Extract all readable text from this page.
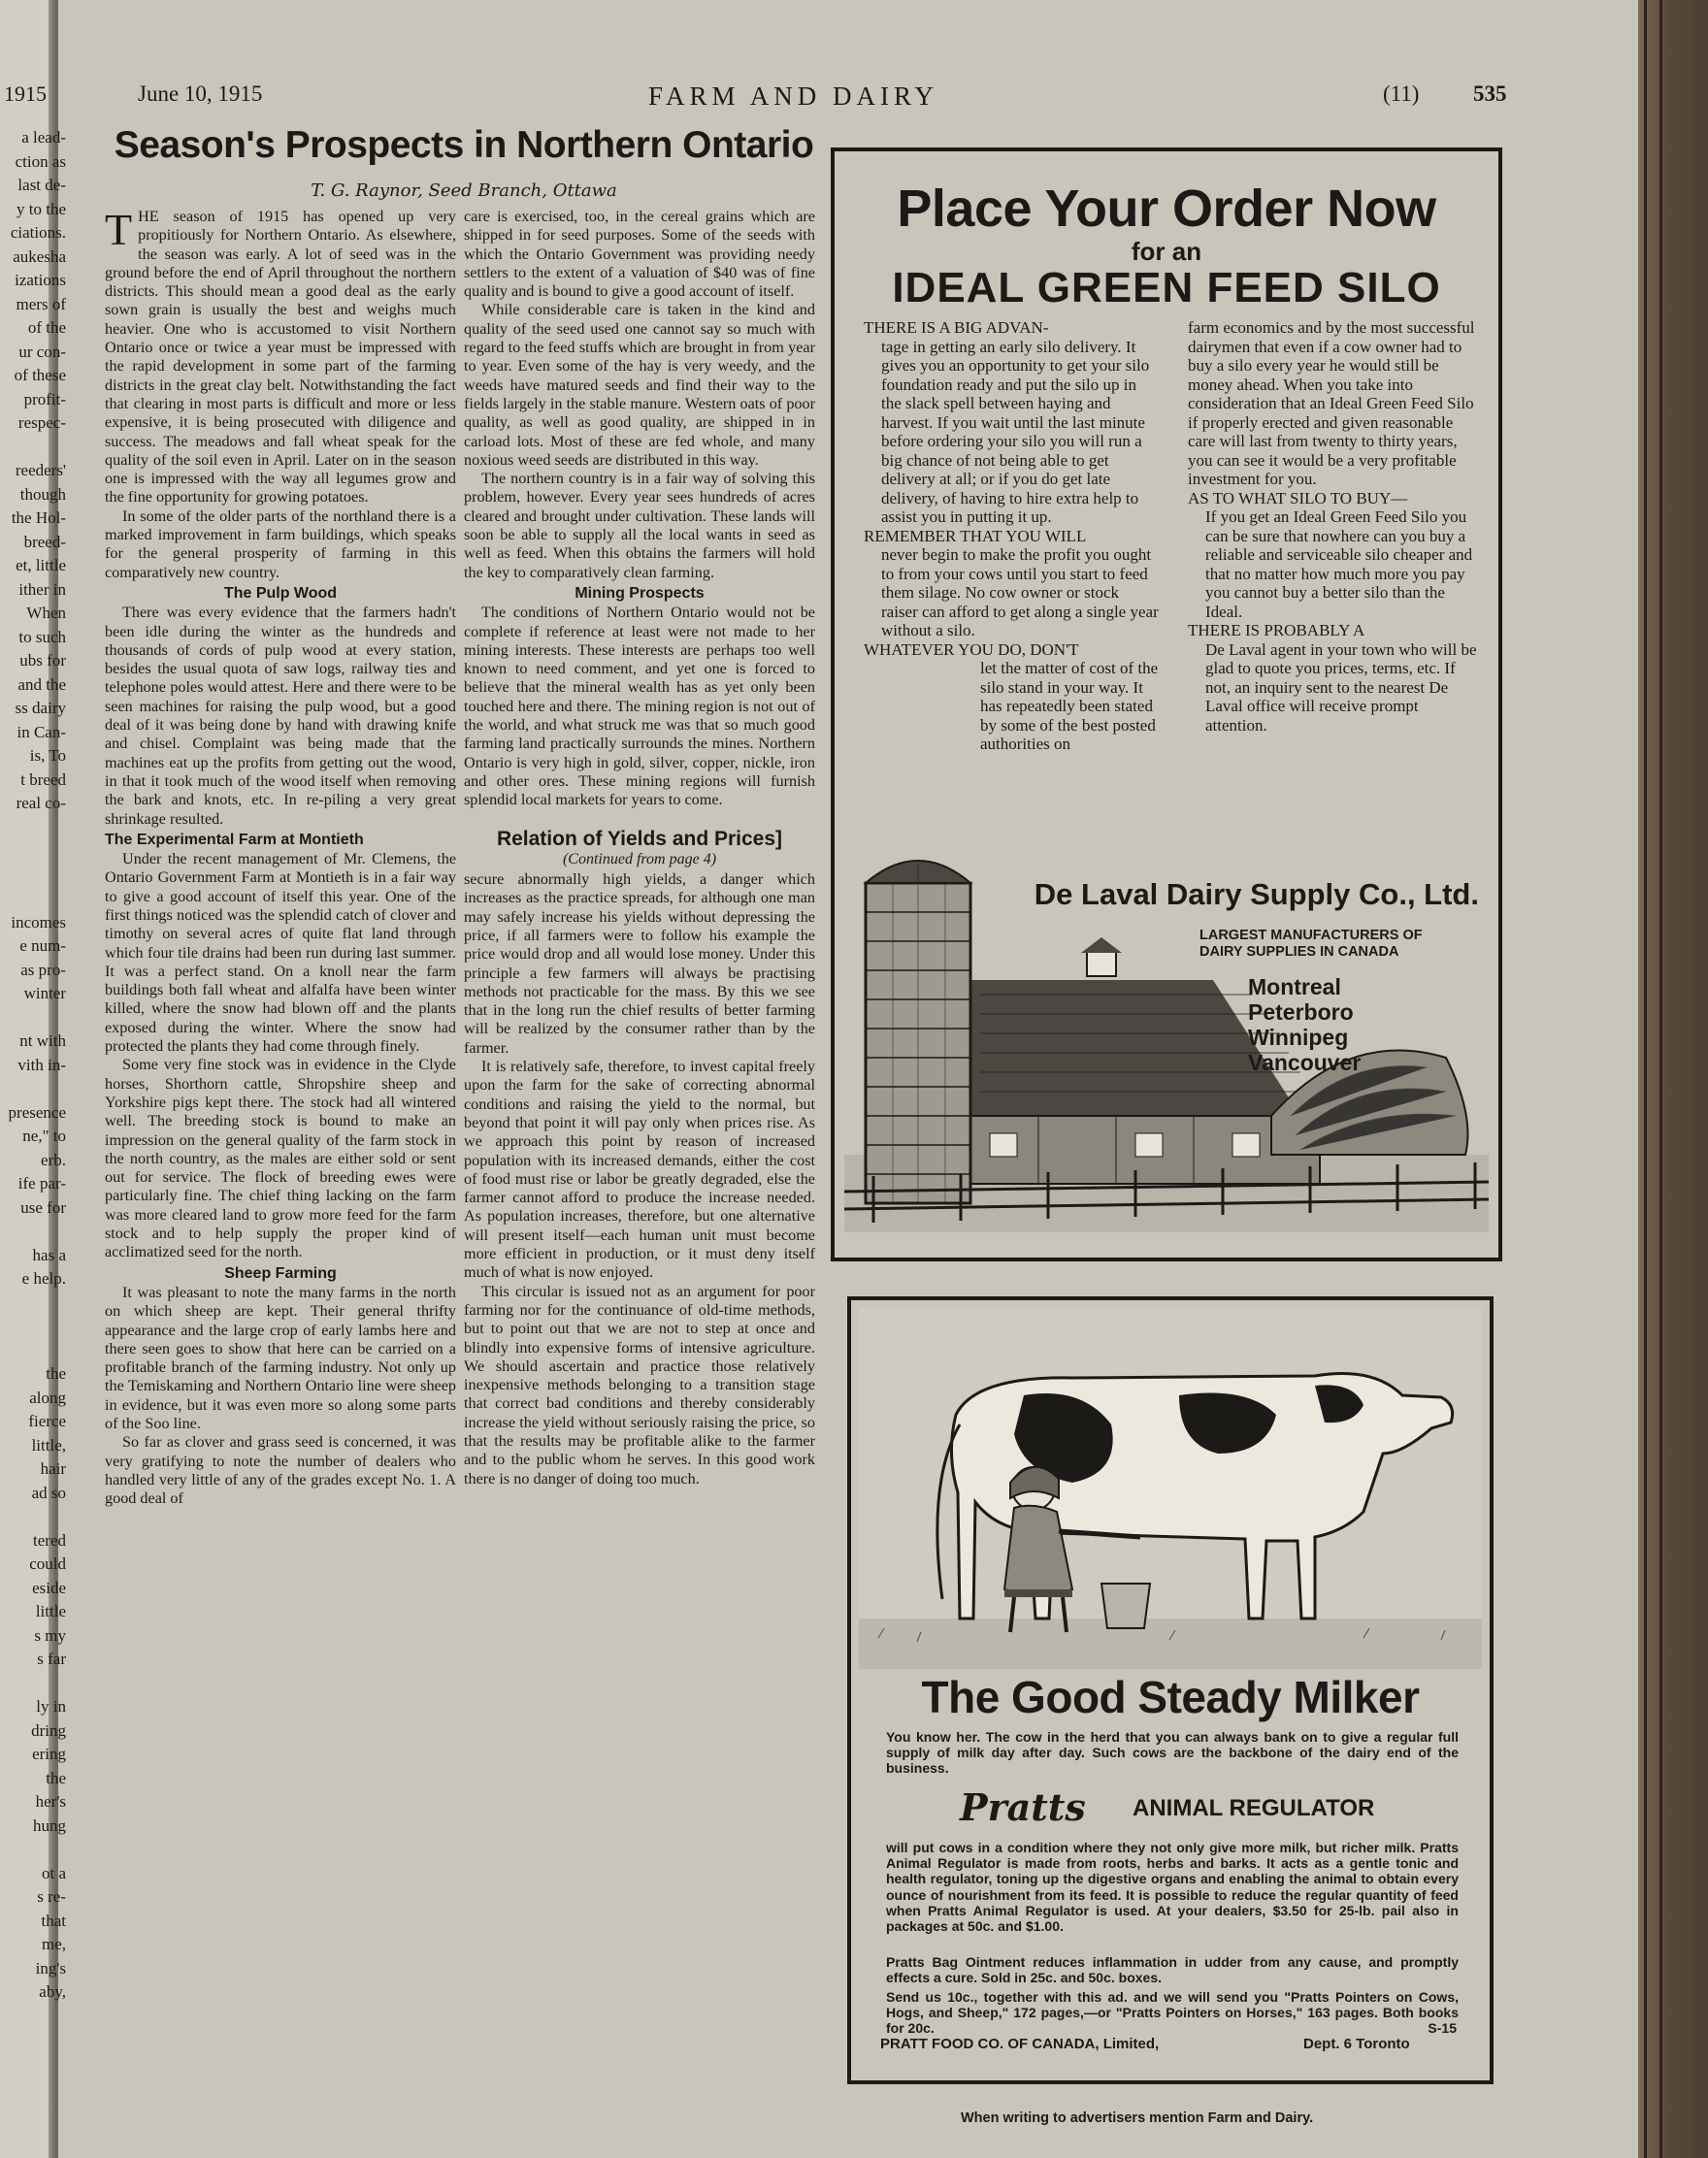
1915
a lead-
ction as
last de-
y to the
ciations.
aukesha
izations
mers of
of the
ur con-
of these
profit-
respec-
reeders'
though
the Hol-
breed-
et, little
ither in
When
to such
ubs for
and the
ss dairy
in Can-
is, To
t breed
real co-
incomes
e num-
as pro-
winter
nt with
vith in-
presence
ne," to
erb.
ife par-
use for
has a
e help.
the
along
fierce
little,
hair
ad so
tered
could
eside
little
s my
s far
ly in
dring
ering
the
her's
hung
ot a
s re-
that
me,
ing's
aby,
June 10, 1915	FARM AND DAIRY	(11) 535
Season's Prospects in Northern Ontario
T. G. Raynor, Seed Branch, Ottawa

THE season of 1915 has opened up very propitiously for Northern Ontario. As elsewhere, the season was early. A lot of seed was in the ground before the end of April throughout the northern districts. This should mean a good deal as the early sown grain is usually the best and weighs much heavier. One who is accustomed to visit Northern Ontario once or twice a year must be impressed with the rapid development in some part of the farming districts in the great clay belt. Notwithstanding the fact that clearing in most parts is difficult and more or less expensive, it is being prosecuted with diligence and success. The meadows and fall wheat speak for the quality of the soil even in April. Later on in the season one is impressed with the way all legumes grow and the fine opportunity for growing potatoes.

In some of the older parts of the northland there is a marked improvement in farm buildings, which speaks for the general prosperity of farming in this comparatively new country.

The Pulp Wood

There was every evidence that the farmers hadn't been idle during the winter as the hundreds and thousands of cords of pulp wood at every station, besides the usual quota of saw logs, railway ties and telephone poles would attest. Here and there were to be seen machines for raising the pulp wood, but a good deal of it was being done by hand with drawing knife and chisel. Complaint was being made that the machines eat up the profits from getting out the wood, in that it took much of the wood itself when removing the bark and knots, etc. In re-piling a very great shrinkage resulted.

The Experimental Farm at Montieth

Under the recent management of Mr. Clemens, the Ontario Government Farm at Montieth is in a fair way to give a good account of itself this year. One of the first things noticed was the splendid catch of clover and timothy on several acres of quite flat land through which four tile drains had been run during last summer. It was a perfect stand. On a knoll near the farm buildings both fall wheat and alfalfa have been winter killed, where the snow had blown off and the plants exposed during the winter. Where the snow had protected the plants they had come through finely.

Some very fine stock was in evidence in the Clyde horses, Shorthorn cattle, Shropshire sheep and Yorkshire pigs kept there. The stock had all wintered well. The breeding stock is bound to make an impression on the general quality of the farm stock in the north country, as the males are either sold or sent out for service. The flock of breeding ewes were particularly fine. The chief thing lacking on the farm was more cleared land to grow more feed for the farm stock and to help supply the proper kind of acclimatized seed for the north.

Sheep Farming

It was pleasant to note the many farms in the north on which sheep are kept. Their general thrifty appearance and the large crop of early lambs here and there seen goes to show that here can be carried on a profitable branch of the farming industry. Not only up the Temiskaming and Northern Ontario line were sheep in evidence, but it was even more so along some parts of the Soo line.

So far as clover and grass seed is concerned, it was very gratifying to note the number of dealers who handled very little of any of the grades except No. 1. A good deal of

care is exercised, too, in the cereal grains which are shipped in for seed purposes. Some of the seeds with which the Ontario Government was providing needy settlers to the extent of a valuation of $40 was of fine quality and is bound to give a good account of itself.

While considerable care is taken in the kind and quality of the seed used one cannot say so much with regard to the feed stuffs which are brought in from year to year. Even some of the hay is very weedy, and the weeds have matured seeds and find their way to the fields largely in the stable manure. Western oats of poor quality, as well as good quality, are shipped in in carload lots. Most of these are fed whole, and many noxious weed seeds are distributed in this way.

The northern country is in a fair way of solving this problem, however. Every year sees hundreds of acres cleared and brought under cultivation. These lands will soon be able to supply all the local wants in seed as well as feed. When this obtains the farmers will hold the key to comparatively clean farming.

Mining Prospects

The conditions of Northern Ontario would not be complete if reference at least were not made to her mining interests. These interests are perhaps too well known to need comment, and yet one is forced to believe that the mineral wealth has as yet only been touched here and there. The mining region is not out of the world, and what struck me was that so much good farming land practically surrounds the mines. Northern Ontario is very high in gold, silver, copper, nickle, iron and other ores. These mining regions will furnish splendid local markets for years to come.

Relation of Yields and Prices]
(Continued from page 4)

secure abnormally high yields, a danger which increases as the practice spreads, for although one man may safely increase his yields without depressing the price, if all farmers were to follow his example the price would drop and all would lose money. Under this principle a few farmers will always be practising methods not practicable for the mass. By this we see that in the long run the chief results of better farming will be realized by the consumer rather than by the farmer.

It is relatively safe, therefore, to invest capital freely upon the farm for the sake of correcting abnormal conditions and raising the yield to the normal, but beyond that point it will pay only when prices rise. As we approach this point by reason of increased population with its increased demands, either the cost of food must rise or labor be greatly degraded, else the farmer cannot afford to produce the increase needed. As population increases, therefore, but one alternative will present itself—each human unit must become more efficient in production, or it must deny itself much of what is now enjoyed.

This circular is issued not as an argument for poor farming nor for the continuance of old-time methods, but to point out that we are not to step at once and blindly into expensive forms of intensive agriculture. We should ascertain and practice those relatively inexpensive methods belonging to a transition stage that correct bad conditions and thereby considerably increase the yield without seriously raising the price, so that the results may be profitable alike to the farmer and to the public whom he serves. In this good work there is no danger of doing too much.

Place Your Order Now
for an
IDEAL GREEN FEED SILO
THERE IS A BIG ADVAN-
tage in getting an early silo delivery. It gives you an opportunity to get your silo foundation ready and put the silo up in the slack spell between haying and harvest. If you wait until the last minute before ordering your silo you will run a big chance of not being able to get delivery at all; or if you do get late delivery, of having to hire extra help to assist you in putting it up.
REMEMBER THAT YOU WILL
never begin to make the profit you ought to from your cows until you start to feed them silage. No cow owner or stock raiser can afford to get along a single year without a silo.
WHATEVER YOU DO, DON'T
let the matter of cost of the silo stand in your way. It has repeatedly been stated by some of the best posted authorities on
farm economics and by the most successful dairymen that even if a cow owner had to buy a silo every year he would still be money ahead. When you take into consideration that an Ideal Green Feed Silo if properly erected and given reasonable care will last from twenty to thirty years, you can see it would be a very profitable investment for you.
AS TO WHAT SILO TO BUY—
If you get an Ideal Green Feed Silo you can be sure that nowhere can you buy a reliable and serviceable silo cheaper and that no matter how much more you pay you cannot buy a better silo than the Ideal.
THERE IS PROBABLY A
De Laval agent in your town who will be glad to quote you prices, terms, etc. If not, an inquiry sent to the nearest De Laval office will receive prompt attention.
De Laval Dairy Supply Co., Ltd.
LARGEST MANUFACTURERS OF DAIRY SUPPLIES IN CANADA
MontrealPeterboro
WinnipegVancouver
The Good Steady Milker
You know her. The cow in the herd that you can always bank on to give a regular full supply of milk day after day. Such cows are the backbone of the dairy end of the business.
Pratts ANIMAL REGULATOR
will put cows in a condition where they not only give more milk, but richer milk. Pratts Animal Regulator is made from roots, herbs and barks. It acts as a gentle tonic and health regulator, toning up the digestive organs and enabling the animal to obtain every ounce of nourishment from its feed. It is possible to reduce the regular quantity of feed when Pratts Animal Regulator is used. At your dealers, $3.50 for 25-lb. pail also in packages at 50c. and $1.00.
Pratts Bag Ointment reduces inflammation in udder from any cause, and promptly effects a cure. Sold in 25c. and 50c. boxes.
Send us 10c., together with this ad. and we will send you "Pratts Pointers on Cows, Hogs, and Sheep," 172 pages,—or "Pratts Pointers on Horses," 163 pages. Both books for 20c.	S-15
PRATT FOOD CO. OF CANADA, Limited,	Dept. 6 Toronto
When writing to advertisers mention Farm and Dairy.
